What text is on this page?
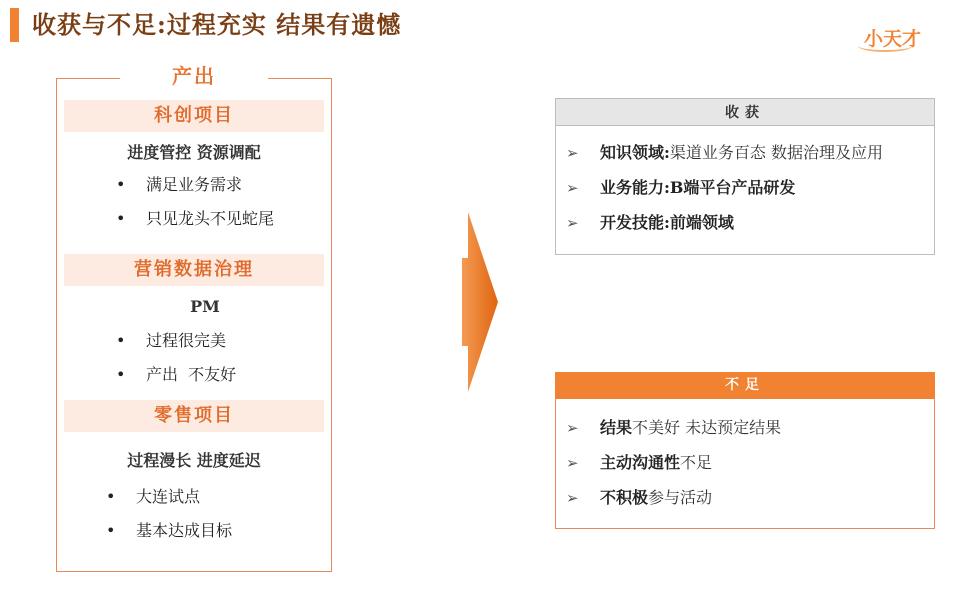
收获与不足:过程充实 结果有遗憾	小天才
产出
科创项目
进度管控 资源调配
• 满足业务需求
• 只见龙头不见蛇尾
营销数据治理
PM
• 过程很完美
• 产出  不友好
零售项目
过程漫长 进度延迟
• 大连试点
• 基本达成目标
收获
➢ 知识领域:渠道业务百态 数据治理及应用
➢ 业务能力:B端平台产品研发
➢ 开发技能:前端领域
不足
➢ 结果不美好 未达预定结果
➢ 主动沟通性不足
➢ 不积极参与活动
